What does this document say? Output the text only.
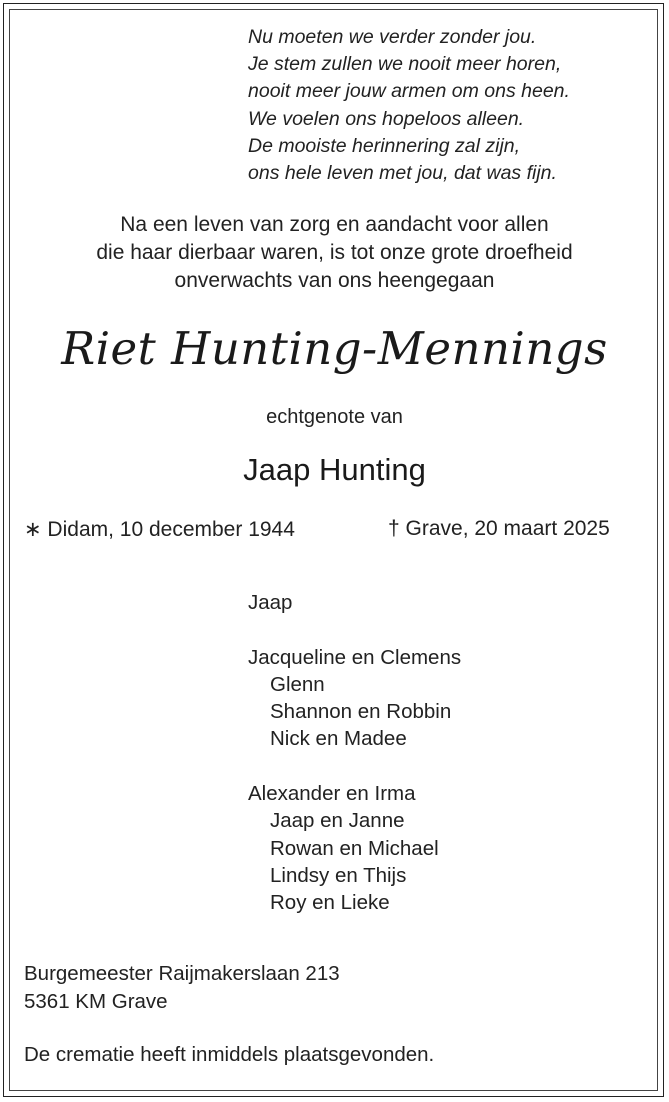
Nu moeten we verder zonder jou.
Je stem zullen we nooit meer horen,
nooit meer jouw armen om ons heen.
We voelen ons hopeloos alleen.
De mooiste herinnering zal zijn,
ons hele leven met jou, dat was fijn.
Na een leven van zorg en aandacht voor allen
die haar dierbaar waren, is tot onze grote droefheid
onverwachts van ons heengegaan
Riet Hunting-Mennings
echtgenote van
Jaap Hunting
∗ Didam, 10 december 1944	† Grave, 20 maart 2025
Jaap
Jacqueline en Clemens
Glenn
Shannon en Robbin
Nick en Madee
Alexander en Irma
Jaap en Janne
Rowan en Michael
Lindsy en Thijs
Roy en Lieke
Burgemeester Raijmakerslaan 213
5361 KM Grave
De crematie heeft inmiddels plaatsgevonden.
